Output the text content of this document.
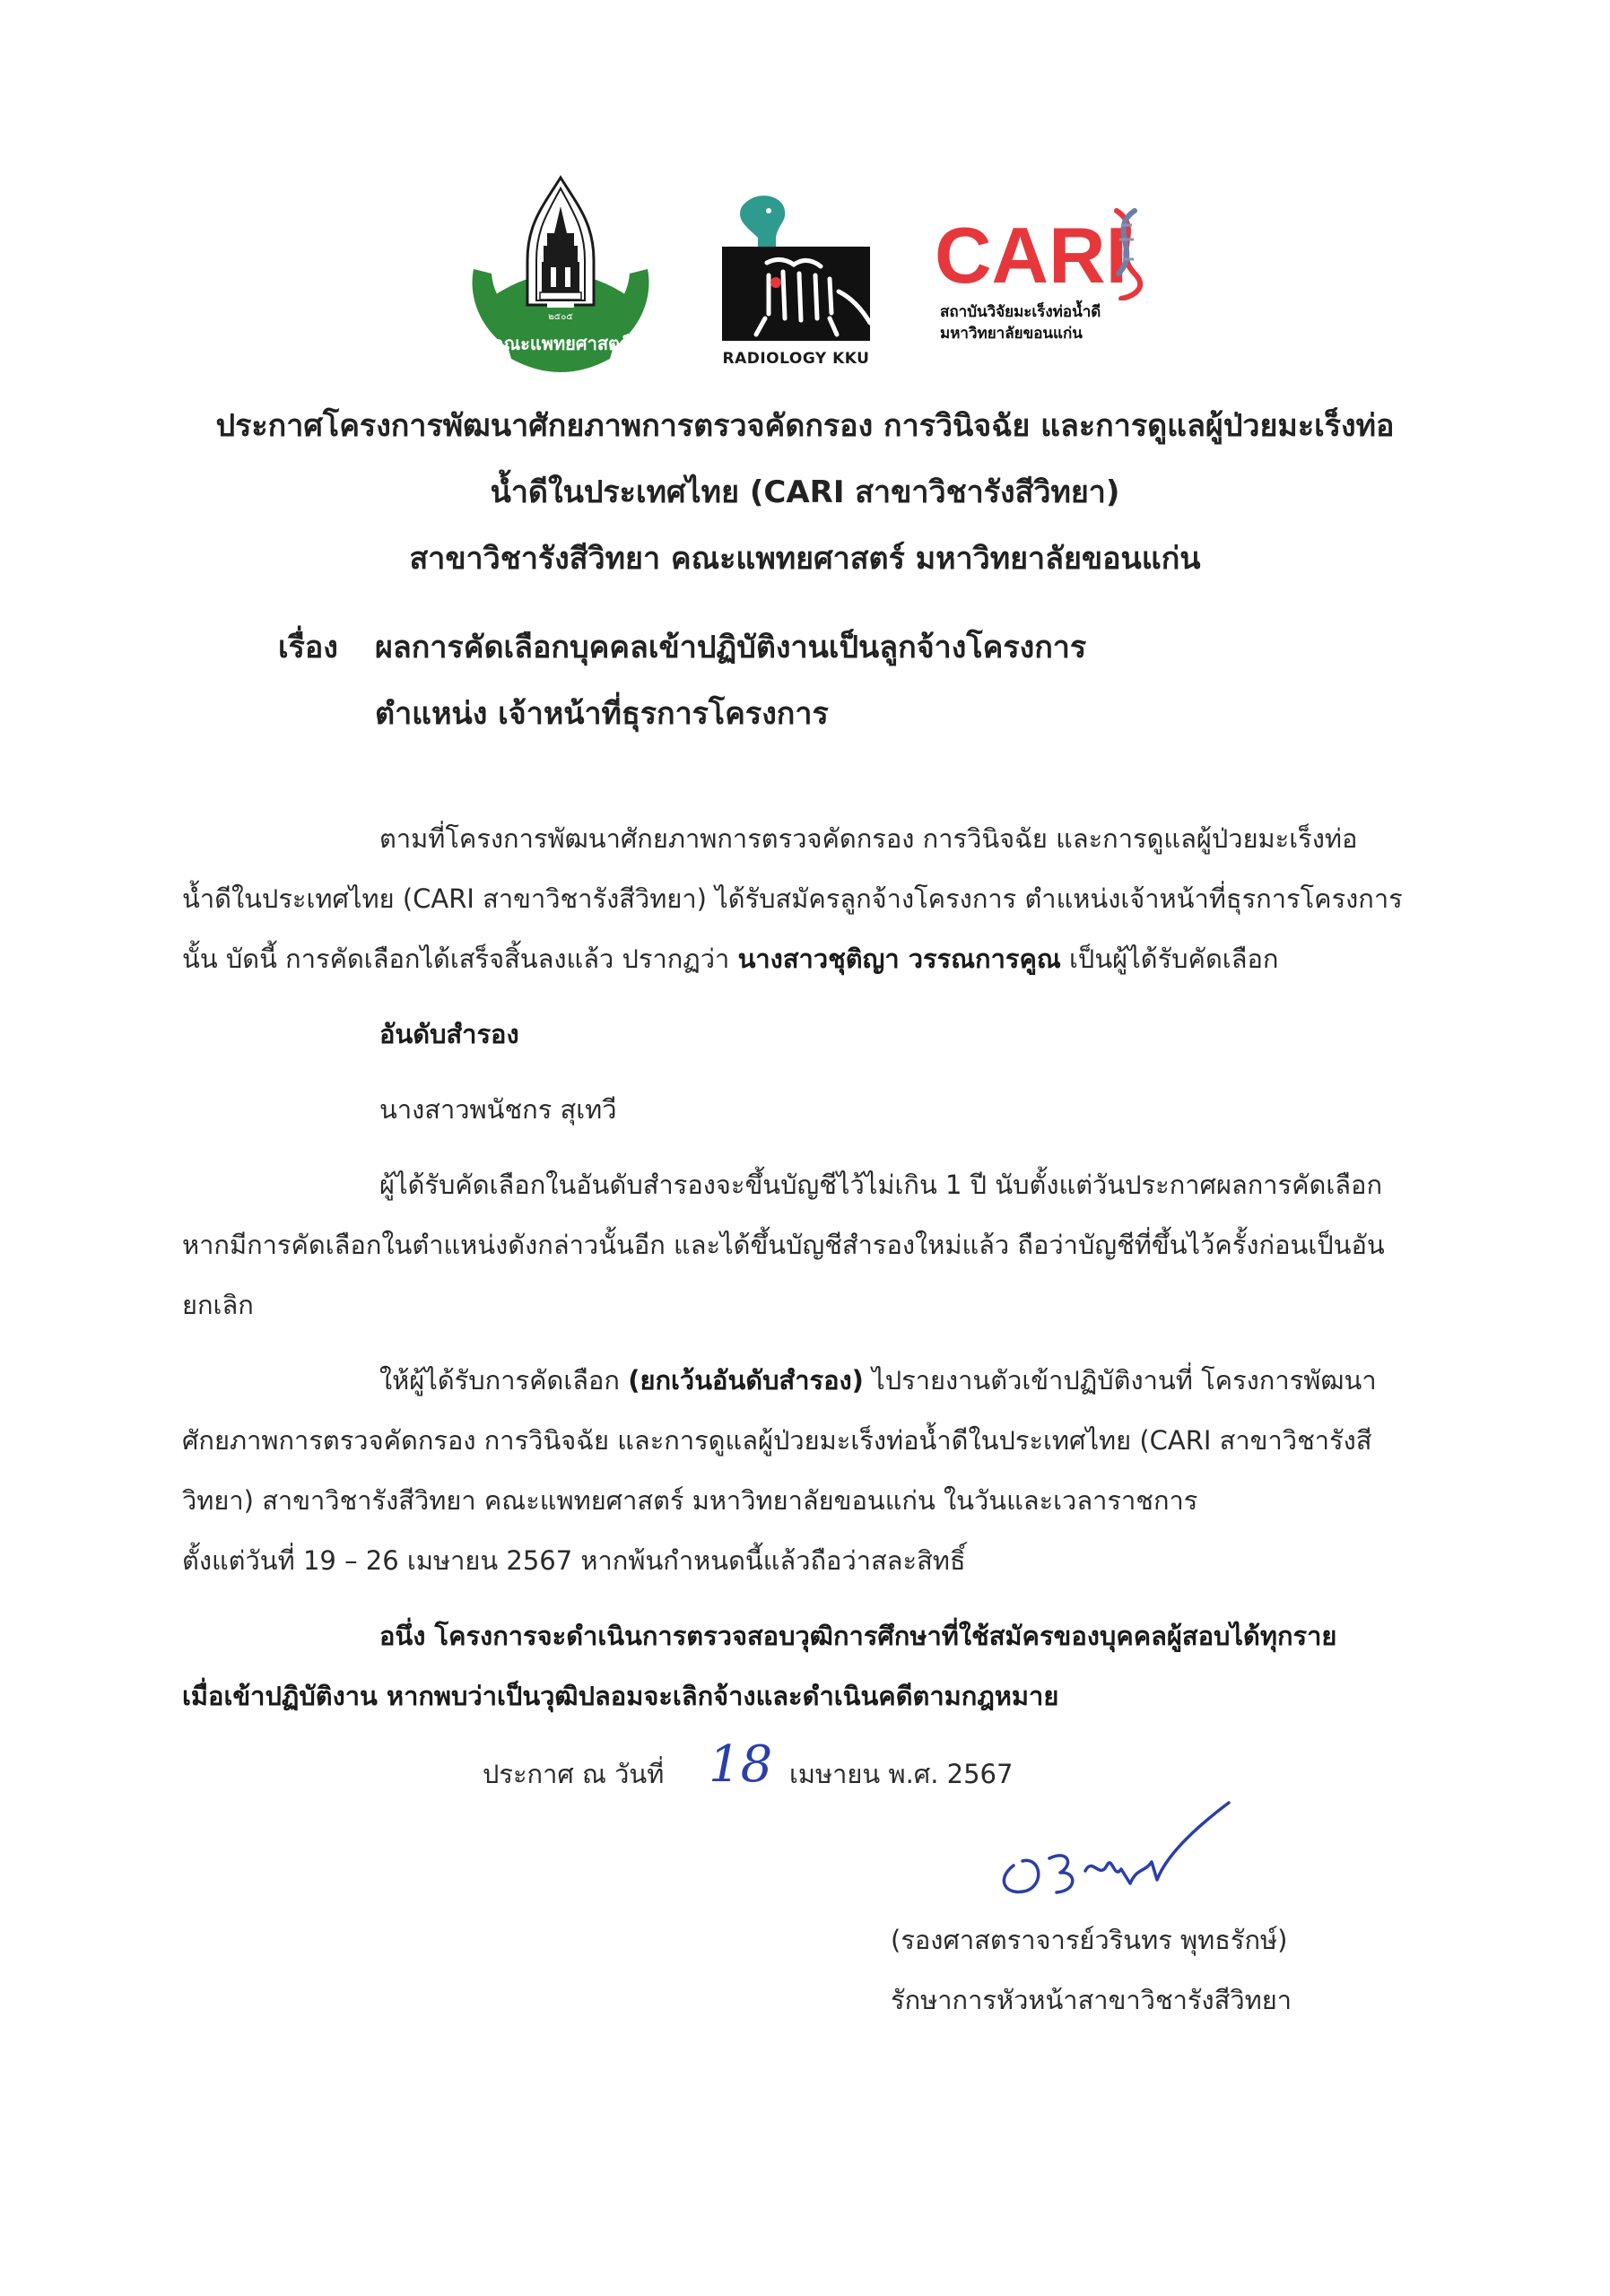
๒๕๐๕
คณะแพทยศาสตร์
RADIOLOGY KKU
CARI
สถาบันวิจัยมะเร็งท่อน้ำดี
มหาวิทยาลัยขอนแก่น
ประกาศโครงการพัฒนาศักยภาพการตรวจคัดกรอง การวินิจฉัย และการดูแลผู้ป่วยมะเร็งท่อ
น้ำดีในประเทศไทย (CARI สาขาวิชารังสีวิทยา)
สาขาวิชารังสีวิทยา คณะแพทยศาสตร์ มหาวิทยาลัยขอนแก่น
เรื่อง ผลการคัดเลือกบุคคลเข้าปฏิบัติงานเป็นลูกจ้างโครงการ
ตำแหน่ง เจ้าหน้าที่ธุรการโครงการ
ตามที่โครงการพัฒนาศักยภาพการตรวจคัดกรอง การวินิจฉัย และการดูแลผู้ป่วยมะเร็งท่อ
น้ำดีในประเทศไทย (CARI สาขาวิชารังสีวิทยา) ได้รับสมัครลูกจ้างโครงการ ตำแหน่งเจ้าหน้าที่ธุรการโครงการ
นั้น บัดนี้ การคัดเลือกได้เสร็จสิ้นลงแล้ว ปรากฏว่า นางสาวชุติญา วรรณการคูณ เป็นผู้ได้รับคัดเลือก
อันดับสำรอง
นางสาวพนัชกร สุเทวี
ผู้ได้รับคัดเลือกในอันดับสำรองจะขึ้นบัญชีไว้ไม่เกิน 1 ปี นับตั้งแต่วันประกาศผลการคัดเลือก
หากมีการคัดเลือกในตำแหน่งดังกล่าวนั้นอีก และได้ขึ้นบัญชีสำรองใหม่แล้ว ถือว่าบัญชีที่ขึ้นไว้ครั้งก่อนเป็นอัน
ยกเลิก
ให้ผู้ได้รับการคัดเลือก (ยกเว้นอันดับสำรอง) ไปรายงานตัวเข้าปฏิบัติงานที่ โครงการพัฒนา
ศักยภาพการตรวจคัดกรอง การวินิจฉัย และการดูแลผู้ป่วยมะเร็งท่อน้ำดีในประเทศไทย (CARI สาขาวิชารังสี
วิทยา) สาขาวิชารังสีวิทยา คณะแพทยศาสตร์ มหาวิทยาลัยขอนแก่น ในวันและเวลาราชการ
ตั้งแต่วันที่ 19 – 26 เมษายน 2567 หากพ้นกำหนดนี้แล้วถือว่าสละสิทธิ์
อนึ่ง โครงการจะดำเนินการตรวจสอบวุฒิการศึกษาที่ใช้สมัครของบุคคลผู้สอบได้ทุกราย
เมื่อเข้าปฏิบัติงาน หากพบว่าเป็นวุฒิปลอมจะเลิกจ้างและดำเนินคดีตามกฎหมาย
ประกาศ ณ วันที่ 18 เมษายน พ.ศ. 2567
(รองศาสตราจารย์วรินทร พุทธรักษ์)
รักษาการหัวหน้าสาขาวิชารังสีวิทยา
